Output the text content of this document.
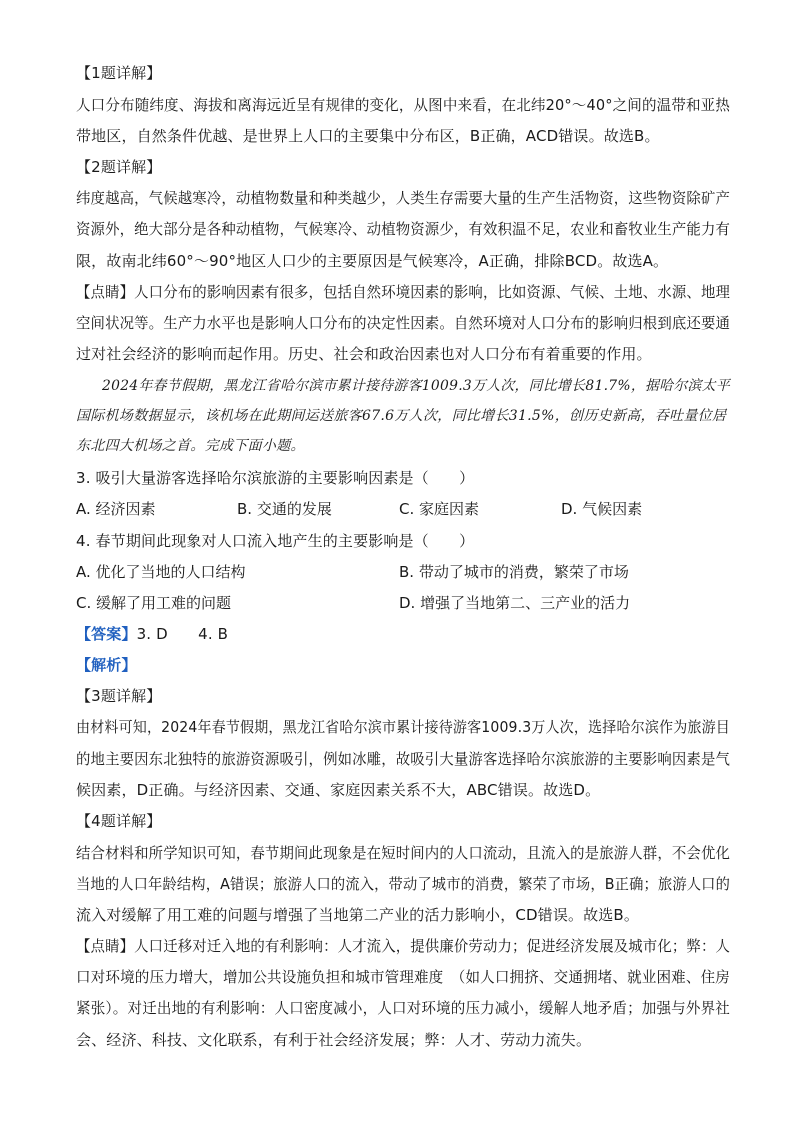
【1题详解】
人口分布随纬度、海拔和离海远近呈有规律的变化，从图中来看，在北纬20°～40°之间的温带和亚热
带地区，自然条件优越、是世界上人口的主要集中分布区，B正确，ACD错误。故选B。
【2题详解】
纬度越高，气候越寒冷，动植物数量和种类越少，人类生存需要大量的生产生活物资，这些物资除矿产
资源外，绝大部分是各种动植物，气候寒冷、动植物资源少，有效积温不足，农业和畜牧业生产能力有
限，故南北纬60°～90°地区人口少的主要原因是气候寒冷，A正确，排除BCD。故选A。
【点睛】人口分布的影响因素有很多，包括自然环境因素的影响，比如资源、气候、土地、水源、地理
空间状况等。生产力水平也是影响人口分布的决定性因素。自然环境对人口分布的影响归根到底还要通
过对社会经济的影响而起作用。历史、社会和政治因素也对人口分布有着重要的作用。
2024年春节假期，黑龙江省哈尔滨市累计接待游客1009.3万人次，同比增长81.7%，据哈尔滨太平
国际机场数据显示，该机场在此期间运送旅客67.6万人次，同比增长31.5%，创历史新高，吞吐量位居
东北四大机场之首。完成下面小题。
3. 吸引大量游客选择哈尔滨旅游的主要影响因素是（　　）
A. 经济因素	B. 交通的发展	C. 家庭因素	D. 气候因素
4. 春节期间此现象对人口流入地产生的主要影响是（　　）
A. 优化了当地的人口结构	B. 带动了城市的消费，繁荣了市场
C. 缓解了用工难的问题	D. 增强了当地第二、三产业的活力
【答案】3. D　　4. B
【解析】
【3题详解】
由材料可知，2024年春节假期，黑龙江省哈尔滨市累计接待游客1009.3万人次，选择哈尔滨作为旅游目
的地主要因东北独特的旅游资源吸引，例如冰雕，故吸引大量游客选择哈尔滨旅游的主要影响因素是气
候因素，D正确。与经济因素、交通、家庭因素关系不大，ABC错误。故选D。
【4题详解】
结合材料和所学知识可知，春节期间此现象是在短时间内的人口流动，且流入的是旅游人群，不会优化
当地的人口年龄结构，A错误；旅游人口的流入，带动了城市的消费，繁荣了市场，B正确；旅游人口的
流入对缓解了用工难的问题与增强了当地第二产业的活力影响小，CD错误。故选B。
【点睛】人口迁移对迁入地的有利影响：人才流入，提供廉价劳动力；促进经济发展及城市化；弊：人
口对环境的压力增大，增加公共设施负担和城市管理难度　（如人口拥挤、交通拥堵、就业困难、住房
紧张）。对迁出地的有利影响：人口密度减小，人口对环境的压力减小，缓解人地矛盾；加强与外界社
会、经济、科技、文化联系，有利于社会经济发展；弊：人才、劳动力流失。
